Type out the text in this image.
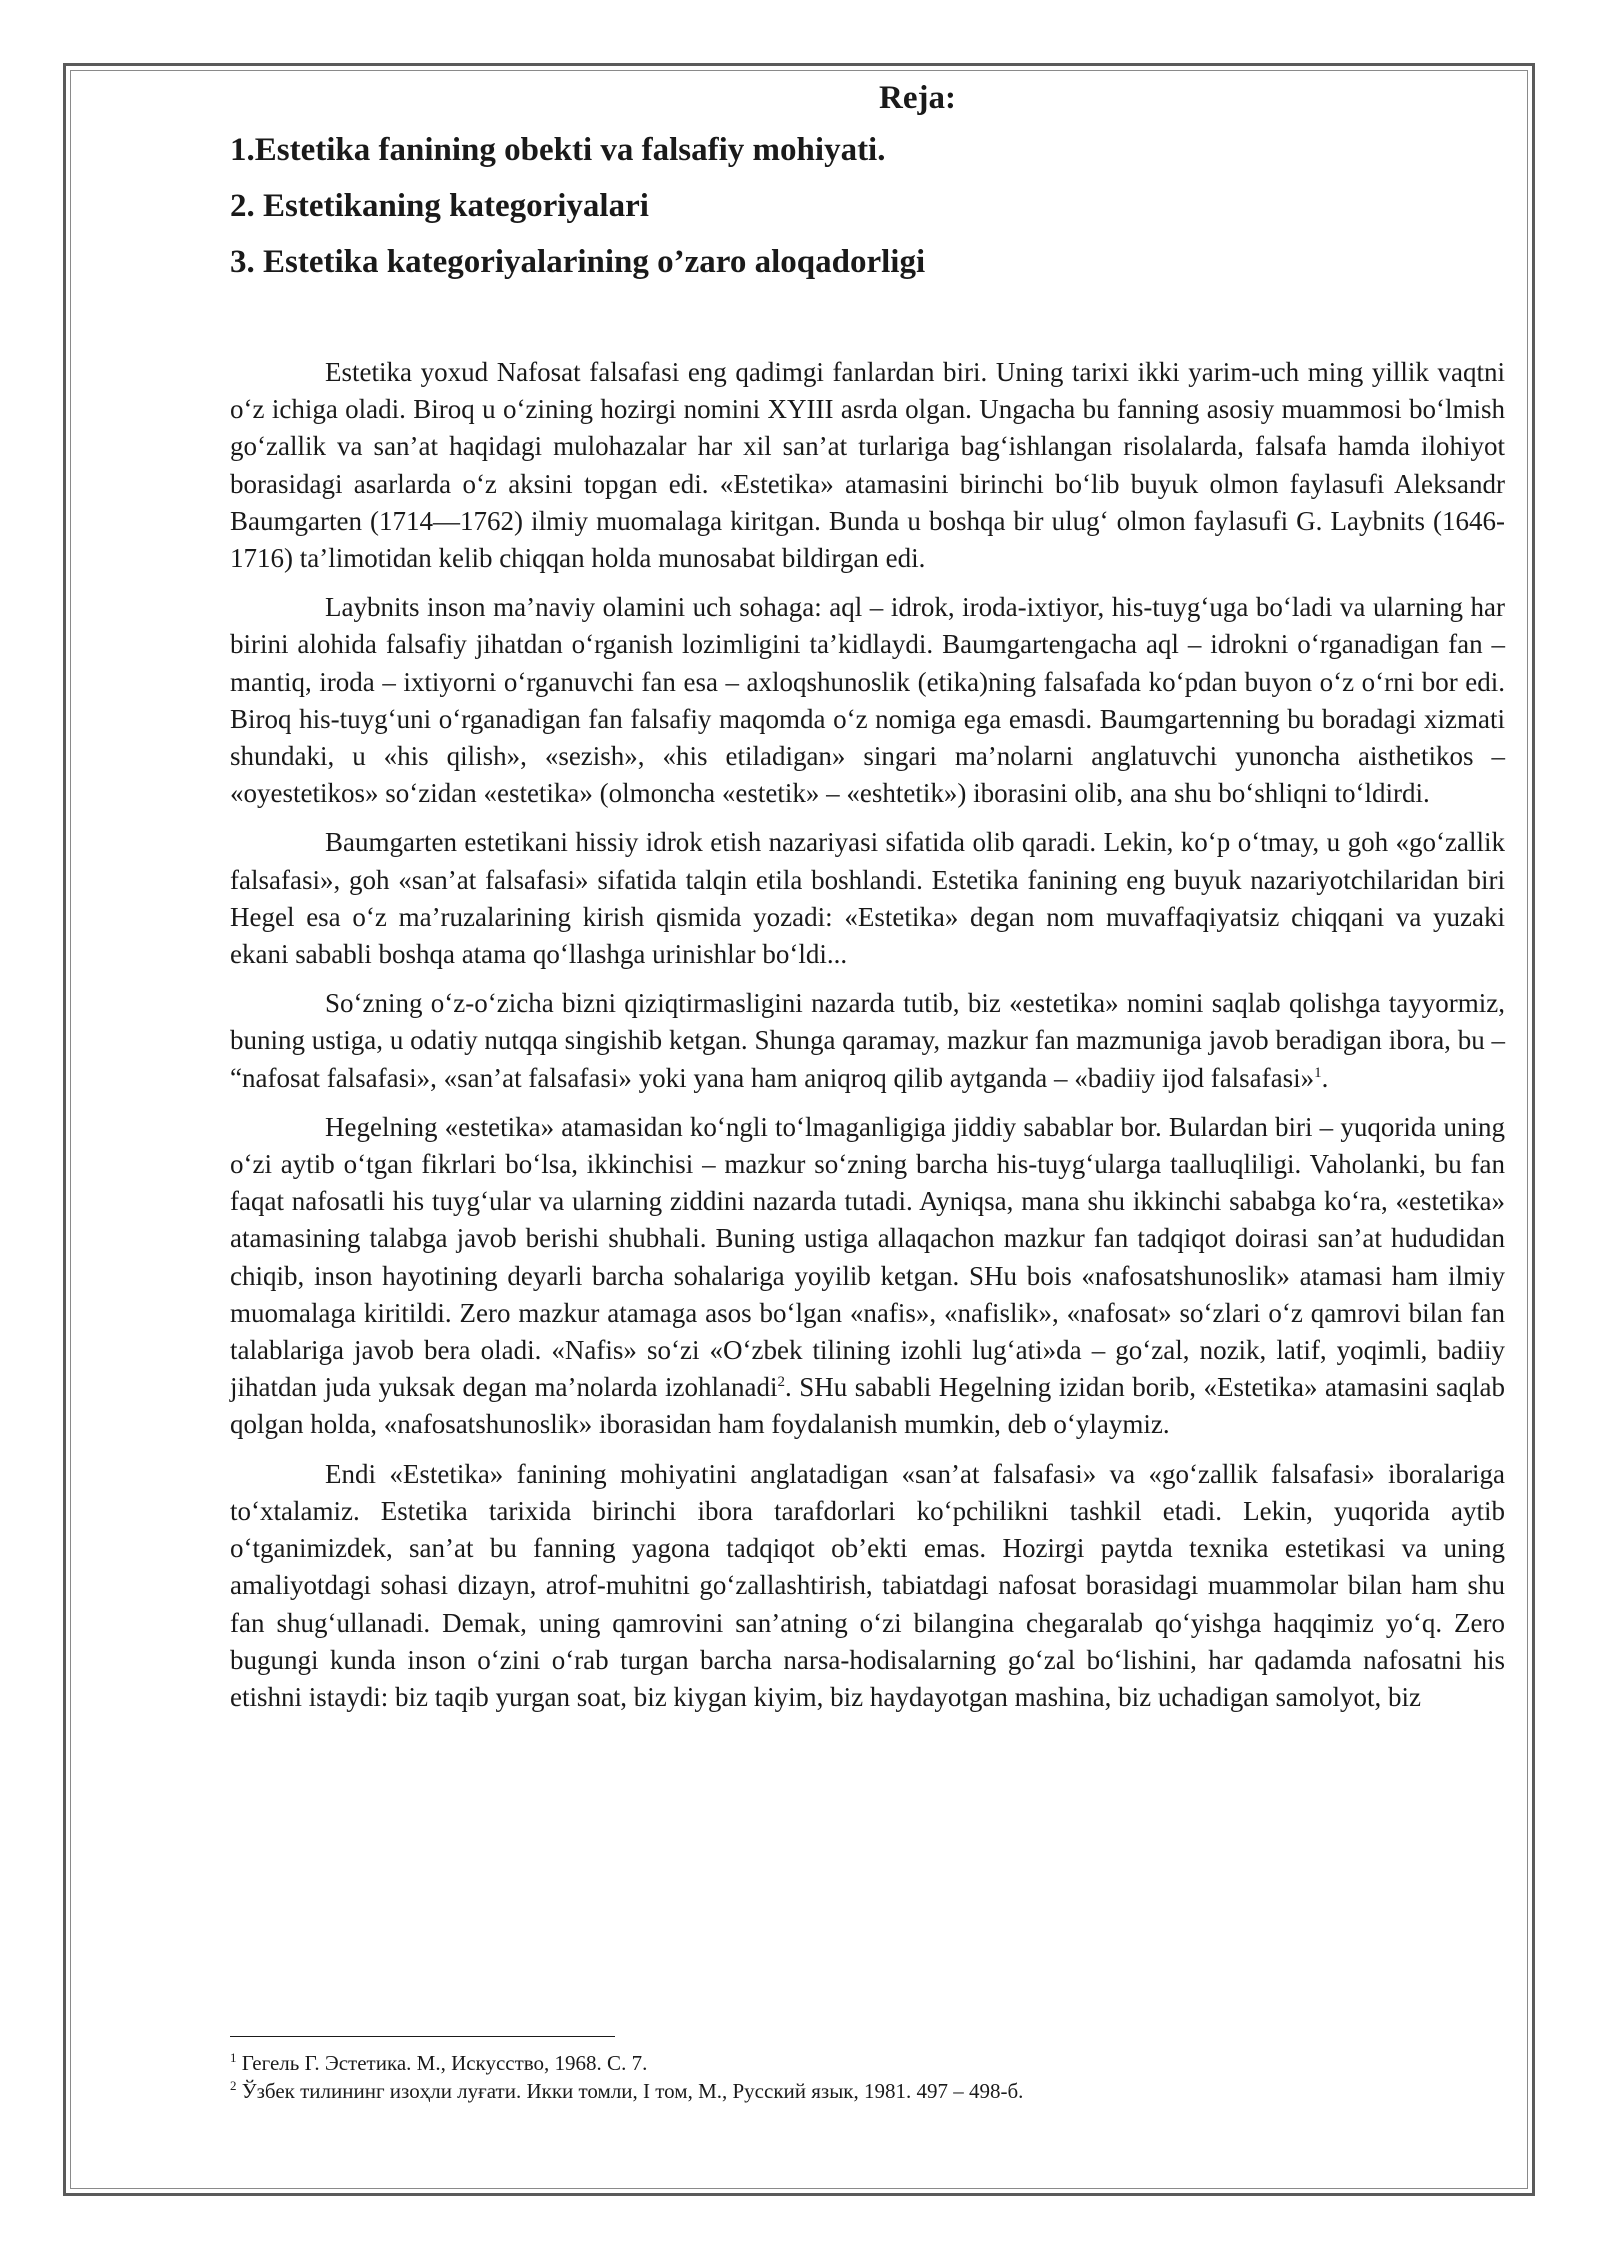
Reja:
1.Estetika fanining obekti va falsafiy mohiyati.
2. Estetikaning kategoriyalari
3. Estetika kategoriyalarining o’zaro aloqadorligi

Estetika yoxud Nafosat falsafasi eng qadimgi fanlardan biri. Uning tarixi ikki yarim-uch ming yillik vaqtni o‘z ichiga oladi. Biroq u o‘zining hozirgi nomini XYIII asrda olgan. Ungacha bu fanning asosiy muammosi bo‘lmish go‘zallik va san’at haqidagi mulohazalar har xil san’at turlariga bag‘ishlangan risolalarda, falsafa hamda ilohiyot borasidagi asarlarda o‘z aksini topgan edi. «Estetika» atamasini birinchi bo‘lib buyuk olmon faylasufi Aleksandr Baumgarten (1714—1762) ilmiy muomalaga kiritgan. Bunda u boshqa bir ulug‘ olmon faylasufi G. Laybnits (1646-1716) ta’limotidan kelib chiqqan holda munosabat bildirgan edi.

Laybnits inson ma’naviy olamini uch sohaga: aql – idrok, iroda-ixtiyor, his-tuyg‘uga bo‘ladi va ularning har birini alohida falsafiy jihatdan o‘rganish lozimligini ta’kidlaydi. Baumgartengacha aql – idrokni o‘rganadigan fan – mantiq, iroda – ixtiyorni o‘rganuvchi fan esa – axloqshunoslik (etika)ning falsafada ko‘pdan buyon o‘z o‘rni bor edi. Biroq his-tuyg‘uni o‘rganadigan fan falsafiy maqomda o‘z nomiga ega emasdi. Baumgartenning bu boradagi xizmati shundaki, u «his qilish», «sezish», «his etiladigan» singari ma’nolarni anglatuvchi yunoncha aisthetikos – «oyestetikos» so‘zidan «estetika» (olmoncha «estetik» – «eshtetik») iborasini olib, ana shu bo‘shliqni to‘ldirdi.

Baumgarten estetikani hissiy idrok etish nazariyasi sifatida olib qaradi. Lekin, ko‘p o‘tmay, u goh «go‘zallik falsafasi», goh «san’at falsafasi» sifatida talqin etila boshlandi. Estetika fanining eng buyuk nazariyotchilaridan biri Hegel esa o‘z ma’ruzalarining kirish qismida yozadi: «Estetika» degan nom muvaffaqiyatsiz chiqqani va yuzaki ekani sababli boshqa atama qo‘llashga urinishlar bo‘ldi...

So‘zning o‘z-o‘zicha bizni qiziqtirmasligini nazarda tutib, biz «estetika» nomini saqlab qolishga tayyormiz, buning ustiga, u odatiy nutqqa singishib ketgan. Shunga qaramay, mazkur fan mazmuniga javob beradigan ibora, bu – “nafosat falsafasi», «san’at falsafasi» yoki yana ham aniqroq qilib aytganda – «badiiy ijod falsafasi»$^1$.

Hegelning «estetika» atamasidan ko‘ngli to‘lmaganligiga jiddiy sabablar bor. Bulardan biri – yuqorida uning o‘zi aytib o‘tgan fikrlari bo‘lsa, ikkinchisi – mazkur so‘zning barcha his-tuyg‘ularga taalluqliligi. Vaholanki, bu fan faqat nafosatli his tuyg‘ular va ularning ziddini nazarda tutadi. Ayniqsa, mana shu ikkinchi sababga ko‘ra, «estetika» atamasining talabga javob berishi shubhali. Buning ustiga allaqachon mazkur fan tadqiqot doirasi san’at hududidan chiqib, inson hayotining deyarli barcha sohalariga yoyilib ketgan. SHu bois «nafosatshunoslik» atamasi ham ilmiy muomalaga kiritildi. Zero mazkur atamaga asos bo‘lgan «nafis», «nafislik», «nafosat» so‘zlari o‘z qamrovi bilan fan talablariga javob bera oladi. «Nafis» so‘zi «O‘zbek tilining izohli lug‘ati»da – go‘zal, nozik, latif, yoqimli, badiiy jihatdan juda yuksak degan ma’nolarda izohlanadi$^2$. SHu sababli Hegelning izidan borib, «Estetika» atamasini saqlab qolgan holda, «nafosatshunoslik» iborasidan ham foydalanish mumkin, deb o‘ylaymiz.

Endi «Estetika» fanining mohiyatini anglatadigan «san’at falsafasi» va «go‘zallik falsafasi» iboralariga to‘xtalamiz. Estetika tarixida birinchi ibora tarafdorlari ko‘pchilikni tashkil etadi. Lekin, yuqorida aytib o‘tganimizdek, san’at bu fanning yagona tadqiqot ob’ekti emas. Hozirgi paytda texnika estetikasi va uning amaliyotdagi sohasi dizayn, atrof-muhitni go‘zallashtirish, tabiatdagi nafosat borasidagi muammolar bilan ham shu fan shug‘ullanadi. Demak, uning qamrovini san’atning o‘zi bilangina chegaralab qo‘yishga haqqimiz yo‘q. Zero bugungi kunda inson o‘zini o‘rab turgan barcha narsa-hodisalarning go‘zal bo‘lishini, har qadamda nafosatni his etishni istaydi: biz taqib yurgan soat, biz kiygan kiyim, biz haydayotgan mashina, biz uchadigan samolyot, biz

$^1$ Гегель Г. Эстетика. М., Искусство, 1968. С. 7.

$^2$ Ўзбек тилининг изоҳли луғати. Икки томли, I том, М., Русский язык, 1981. 497 – 498-б.
